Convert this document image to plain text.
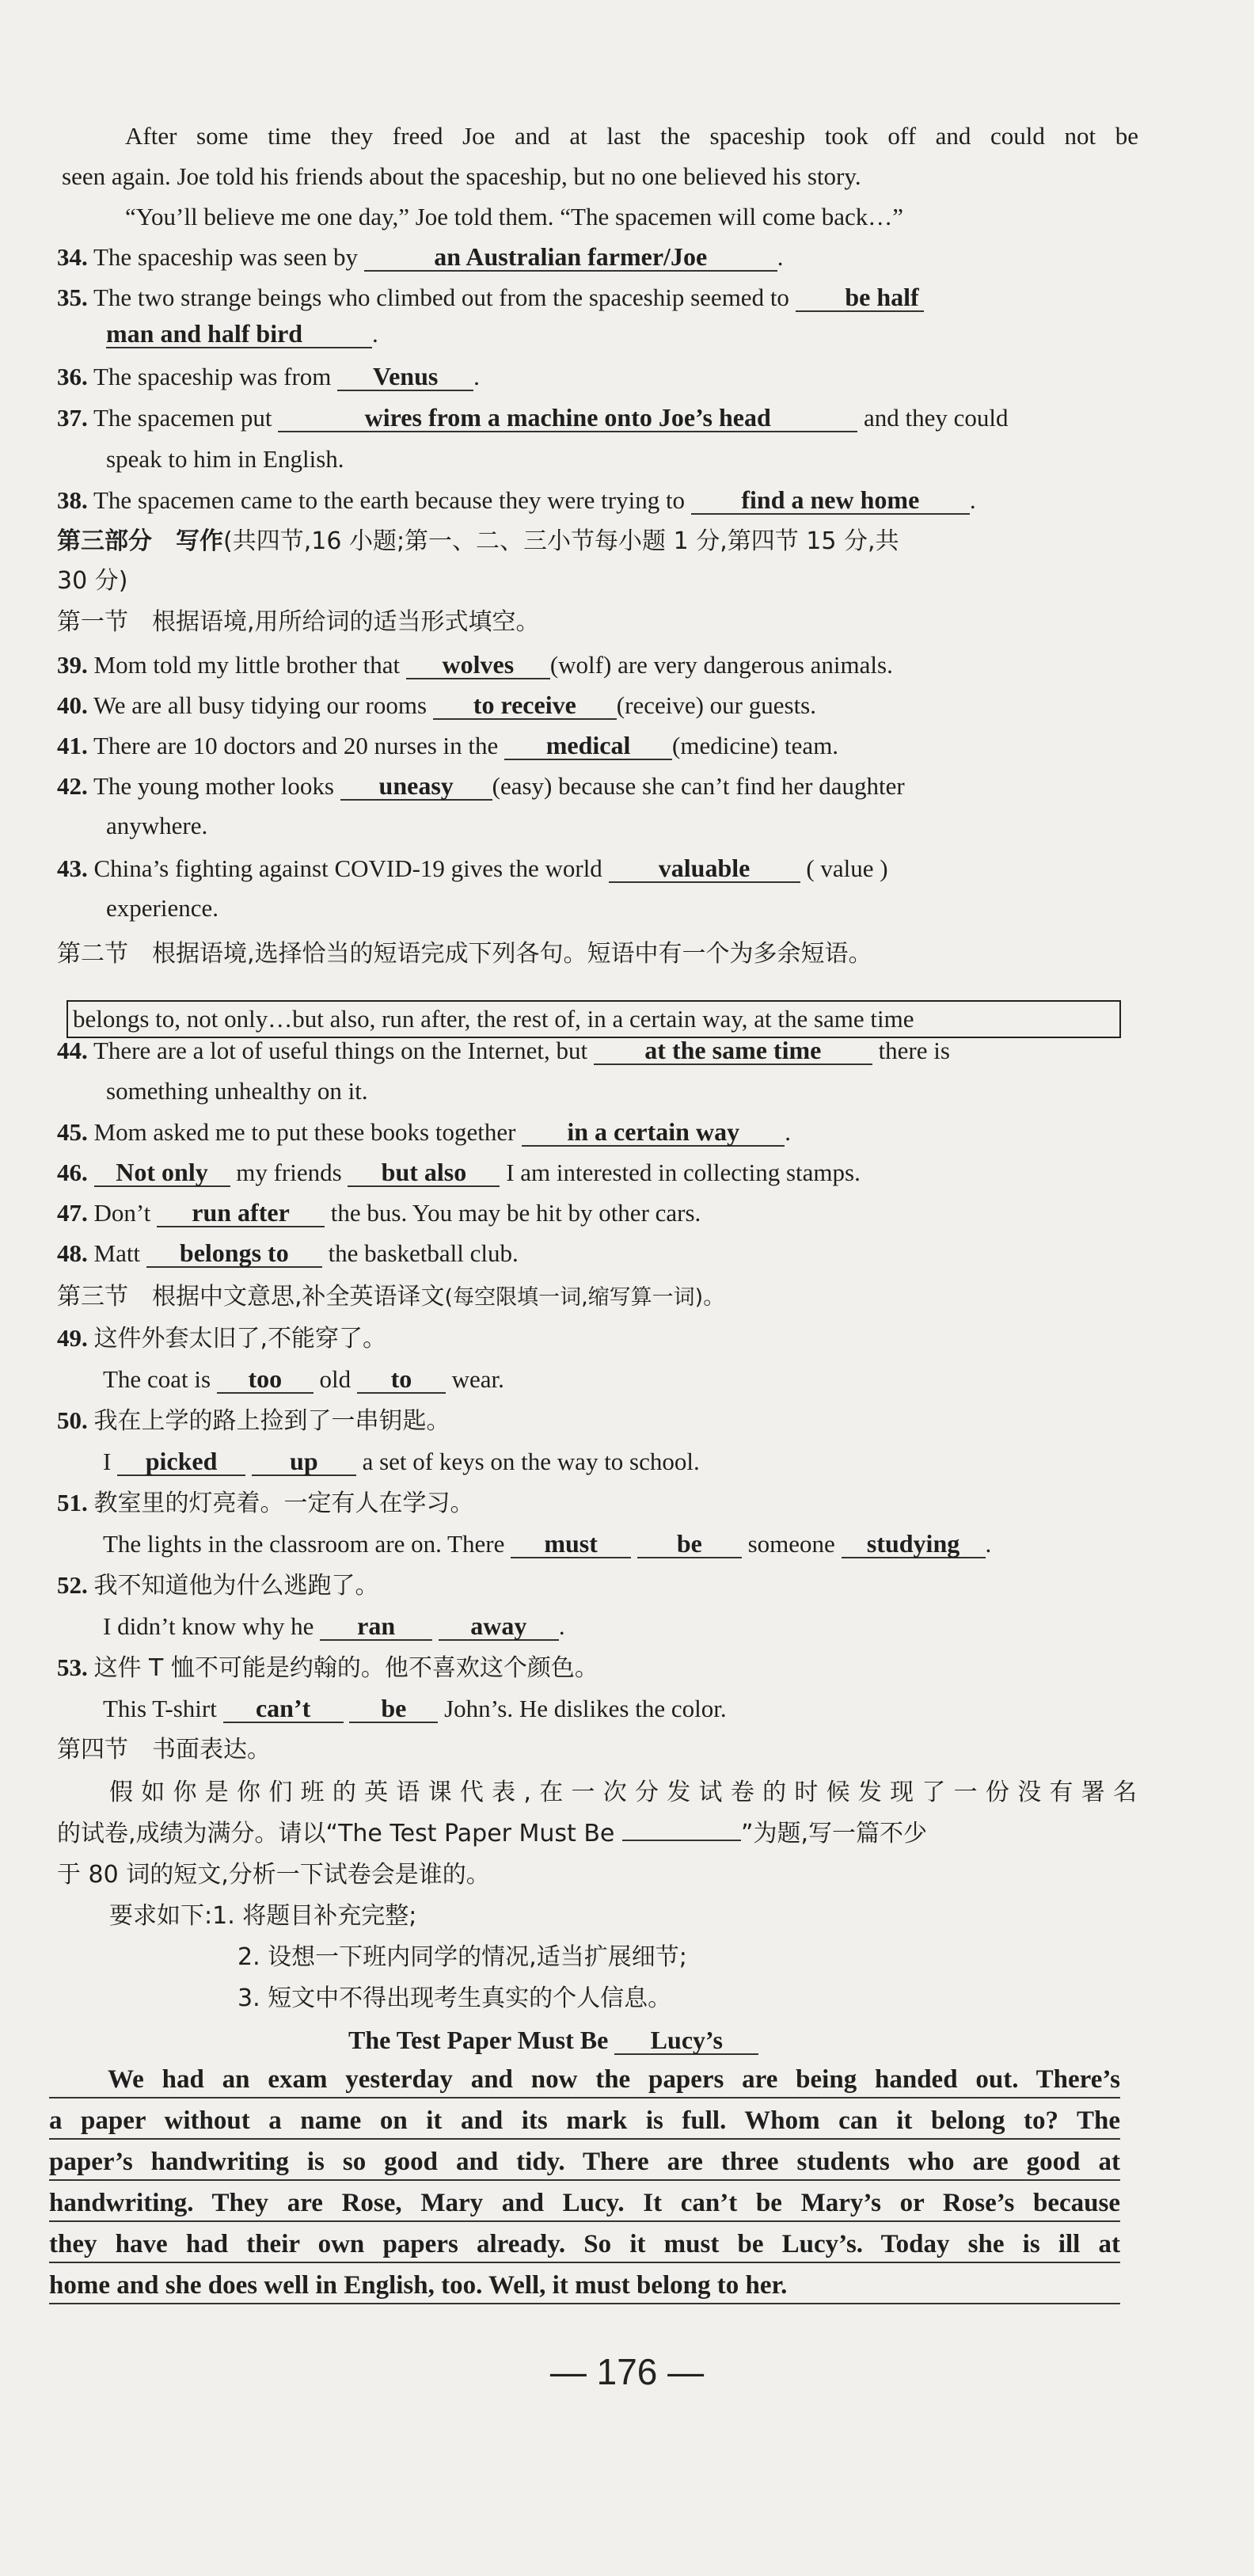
After some time they freed Joe and at last the spaceship took off and could not be
seen again. Joe told his friends about the spaceship, but no one believed his story.
“You’ll believe me one day,” Joe told them. “The spacemen will come back…”
34. The spaceship was seen by	an Australian farmer/Joe	.
35. The two strange beings who climbed out from the spaceship seemed to be half
man and half bird	.
36. The spaceship was from Venus .
37. The spacemen put	wires from a machine onto Joe’s head	and they could
speak to him in English.
38. The spacemen came to the earth because they were trying to find a new home .
第三部分　写作(共四节,16 小题;第一、二、三小节每小题 1 分,第四节 15 分,共
30 分)
第一节　根据语境,用所给词的适当形式填空。
39. Mom told my little brother that wolves (wolf) are very dangerous animals.
40. We are all busy tidying our rooms to receive (receive) our guests.
41. There are 10 doctors and 20 nurses in the medical (medicine) team.
42. The young mother looks uneasy (easy) because she can’t find her daughter
anywhere.
43. China’s fighting against COVID-19 gives the world valuable ( value )
experience.
第二节　根据语境,选择恰当的短语完成下列各句。短语中有一个为多余短语。
belongs to, not only…but also, run after, the rest of, in a certain way, at the same time
44. There are a lot of useful things on the Internet, but at the same time there is
something unhealthy on it.
45. Mom asked me to put these books together in a certain way .
46. Not only my friends but also I am interested in collecting stamps.
47. Don’t run after the bus. You may be hit by other cars.
48. Matt belongs to the basketball club.
第三节　根据中文意思,补全英语译文(每空限填一词,缩写算一词)。
49. 这件外套太旧了,不能穿了。
The coat is too old to wear.
50. 我在上学的路上捡到了一串钥匙。
I picked	up a set of keys on the way to school.
51. 教室里的灯亮着。一定有人在学习。
The lights in the classroom are on. There must	be someone studying .
52. 我不知道他为什么逃跑了。
I didn’t know why he ran	away .
53. 这件 T 恤不可能是约翰的。他不喜欢这个颜色。
This T-shirt can’t	be John’s. He dislikes the color.
第四节　书面表达。
假如你是你们班的英语课代表,在一次分发试卷的时候发现了一份没有署名
的试卷,成绩为满分。请以“The Test Paper Must Be	”为题,写一篇不少
于 80 词的短文,分析一下试卷会是谁的。
要求如下:1. 将题目补充完整;
2. 设想一下班内同学的情况,适当扩展细节;
3. 短文中不得出现考生真实的个人信息。
The Test Paper Must Be Lucy’s
We had an exam yesterday and now the papers are being handed out. There’s
a paper without a name on it and its mark is full. Whom can it belong to? The
paper’s handwriting is so good and tidy. There are three students who are good at
handwriting. They are Rose, Mary and Lucy. It can’t be Mary’s or Rose’s because
they have had their own papers already. So it must be Lucy’s. Today she is ill at
home and she does well in English, too. Well, it must belong to her.
— 176 —
